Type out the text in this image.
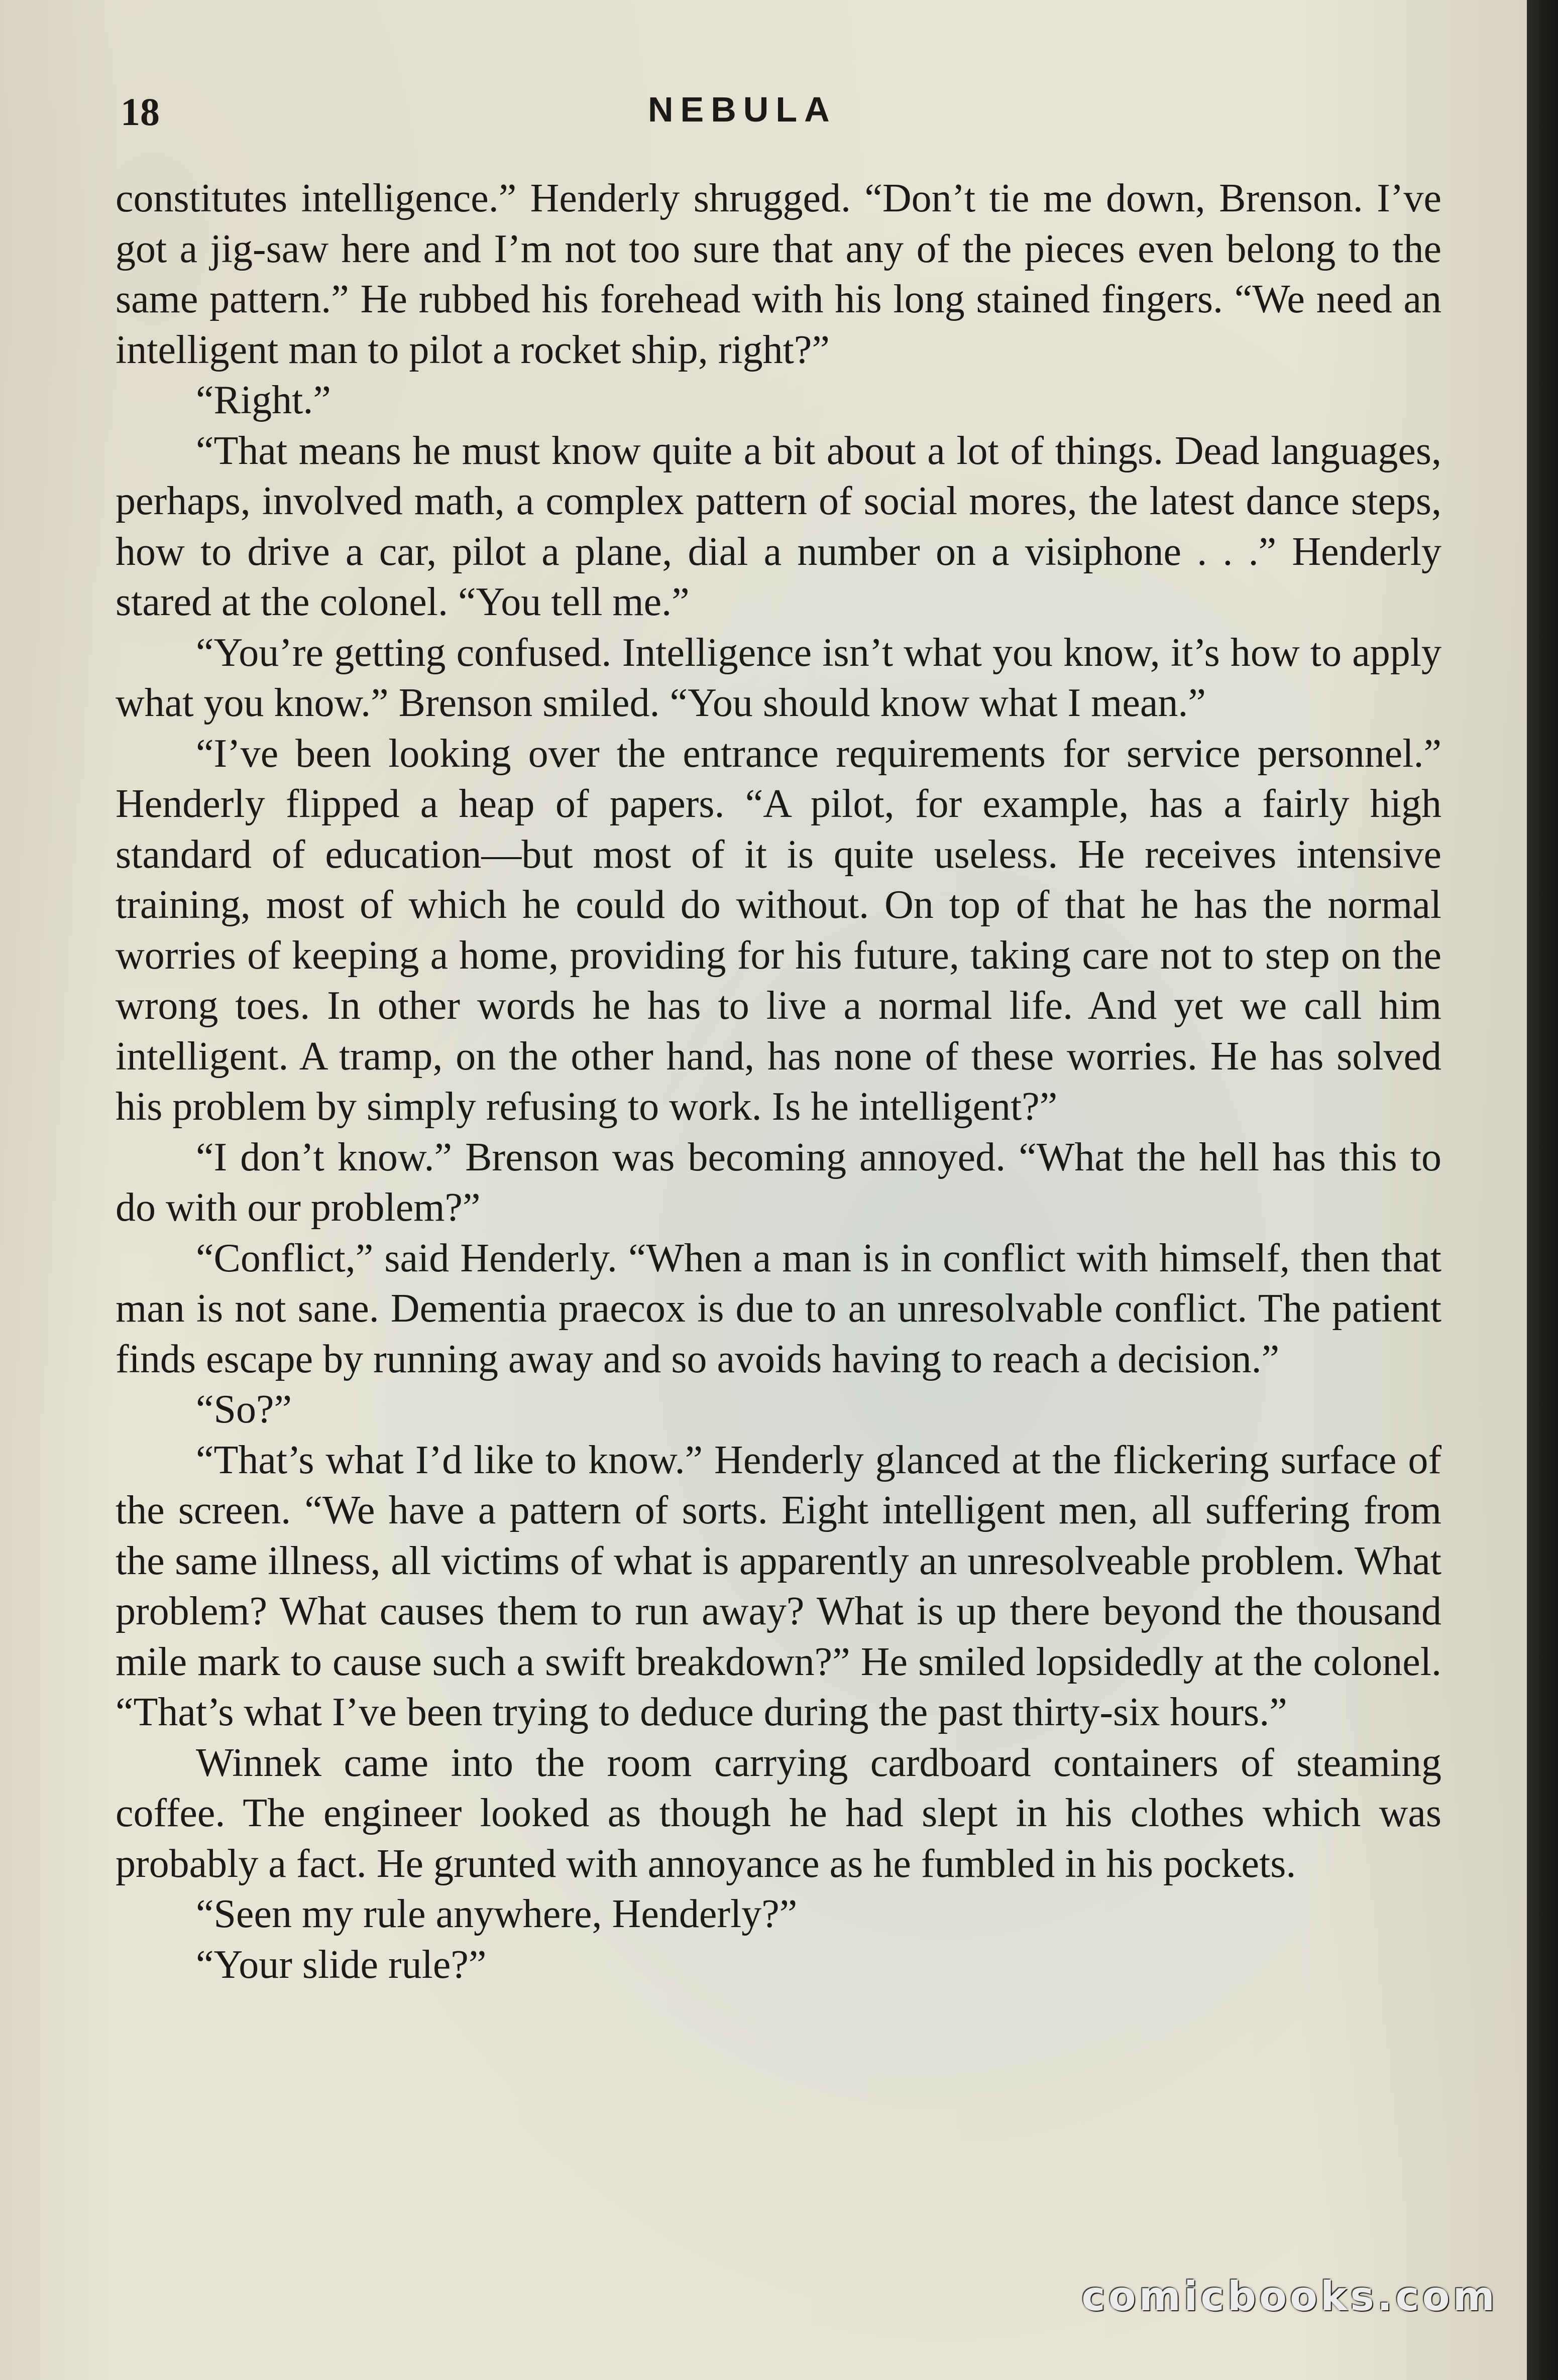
18	NEBULA

constitutes intelligence.” Henderly shrugged. “Don’t tie me down, Brenson. I’ve got a jig-saw here and I’m not too sure that any of the pieces even belong to the same pattern.” He rubbed his forehead with his long stained fingers. “We need an intelligent man to pilot a rocket ship, right?”

“Right.”

“That means he must know quite a bit about a lot of things. Dead languages, perhaps, involved math, a complex pattern of social mores, the latest dance steps, how to drive a car, pilot a plane, dial a number on a visiphone . . .” Henderly stared at the colonel. “You tell me.”

“You’re getting confused. Intelligence isn’t what you know, it’s how to apply what you know.” Brenson smiled. “You should know what I mean.”

“I’ve been looking over the entrance requirements for service personnel.” Henderly flipped a heap of papers. “A pilot, for example, has a fairly high standard of education—but most of it is quite useless. He receives intensive training, most of which he could do without. On top of that he has the normal worries of keeping a home, providing for his future, taking care not to step on the wrong toes. In other words he has to live a normal life. And yet we call him intelligent. A tramp, on the other hand, has none of these worries. He has solved his problem by simply refusing to work. Is he intelligent?”

“I don’t know.” Brenson was becoming annoyed. “What the hell has this to do with our problem?”

“Conflict,” said Henderly. “When a man is in conflict with himself, then that man is not sane. Dementia praecox is due to an unresolvable conflict. The patient finds escape by running away and so avoids having to reach a decision.”

“So?”

“That’s what I’d like to know.” Henderly glanced at the flickering surface of the screen. “We have a pattern of sorts. Eight intelligent men, all suffering from the same illness, all victims of what is apparently an unresolveable problem. What problem? What causes them to run away? What is up there beyond the thousand mile mark to cause such a swift breakdown?” He smiled lopsidedly at the colonel. “That’s what I’ve been trying to deduce during the past thirty-six hours.”

Winnek came into the room carrying cardboard containers of steaming coffee. The engineer looked as though he had slept in his clothes which was probably a fact. He grunted with annoyance as he fumbled in his pockets.

“Seen my rule anywhere, Henderly?”

“Your slide rule?”

comicbooks.com
